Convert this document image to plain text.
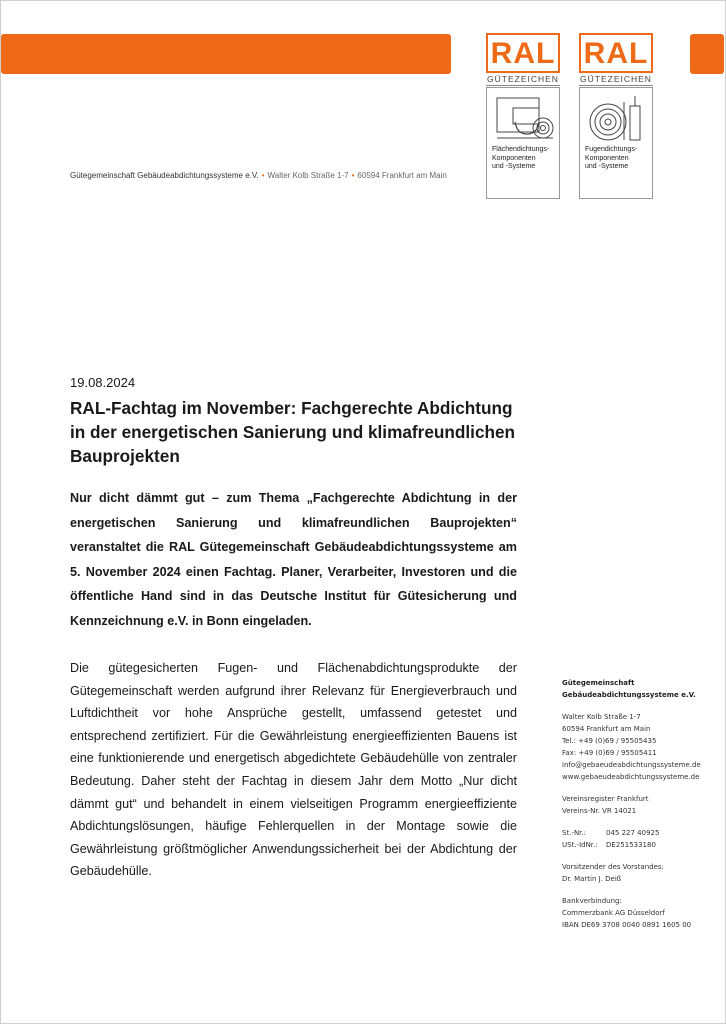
RAL
GÜTEZEICHEN
Flächendichtungs-
Komponenten
und -Systeme
RAL
GÜTEZEICHEN
Fugendichtungs-
Komponenten
und -Systeme
Gütegemeinschaft Gebäudeabdichtungssysteme e.V. • Walter Kolb Straße 1-7 • 60594 Frankfurt am Main
19.08.2024
RAL-Fachtag im November: Fachgerechte Abdichtung in der energetischen Sanierung und klimafreundlichen Bauprojekten
Nur dicht dämmt gut – zum Thema „Fachgerechte Abdichtung in der energetischen Sanierung und klimafreundlichen Bauprojekten“ veranstaltet die RAL Gütegemeinschaft Gebäudeabdichtungssysteme am 5. November 2024 einen Fachtag. Planer, Verarbeiter, Investoren und die öffentliche Hand sind in das Deutsche Institut für Gütesicherung und Kennzeichnung e.V. in Bonn eingeladen.
Die gütegesicherten Fugen- und Flächenabdichtungsprodukte der Gütegemeinschaft werden aufgrund ihrer Relevanz für Energieverbrauch und Luftdichtheit vor hohe Ansprüche gestellt, umfassend getestet und entsprechend zertifiziert. Für die Gewährleistung energieeffizienten Bauens ist eine funktionierende und energetisch abgedichtete Gebäudehülle von zentraler Bedeutung. Daher steht der Fachtag in diesem Jahr dem Motto „Nur dicht dämmt gut“ und behandelt in einem vielseitigen Programm energieeffiziente Abdichtungslösungen, häufige Fehlerquellen in der Montage sowie die Gewährleistung größtmöglicher Anwendungssicherheit bei der Abdichtung der Gebäudehülle.
Gütegemeinschaft
Gebäudeabdichtungssysteme e.V.
Walter Kolb Straße 1-7
60594 Frankfurt am Main
Tel.: +49 (0)69 / 95505435
Fax: +49 (0)69 / 95505411
info@gebaeudeabdichtungssysteme.de
www.gebaeudeabdichtungssysteme.de
Vereinsregister Frankfurt
Vereins-Nr. VR 14021
St.-Nr.:	045 227 40925
USt.-IdNr.: DE251533180
Vorsitzender des Vorstandes:
Dr. Martin J. Deiß
Bankverbindung:
Commerzbank AG Düsseldorf
IBAN DE69 3708 0040 0891 1605 00
